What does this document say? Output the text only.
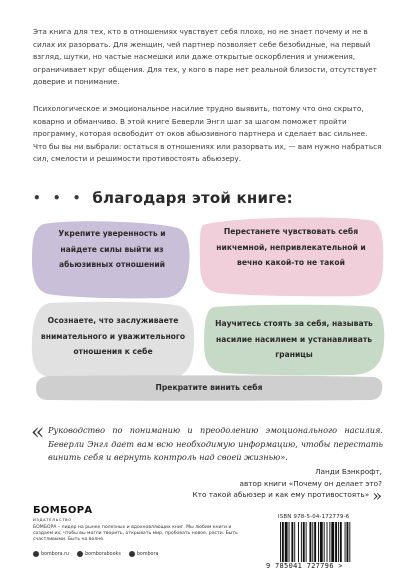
Эта книга для тех, кто в отношениях чувствует себя плохо, но не знает почему и не в силах их разорвать. Для женщин, чей партнер позволяет себе безобидные, на первый взгляд, шутки, но частые насмешки или даже открытые оскорбления и унижения, ограничивает круг общения. Для тех, у кого в паре нет реальной близости, отсутствует доверие и понимание.

Психологическое и эмоциональное насилие трудно выявить, потому что оно скрыто, коварно и обманчиво. В этой книге Беверли Энгл шаг за шагом поможет пройти программу, которая освободит от оков абьюзивного партнера и сделает вас сильнее. Что бы вы ни выбрали: остаться в отношениях или разорвать их, — вам нужно набраться сил, смелости и решимости противостоять абьюзеру.

• • • благодаря этой книге:

Укрепите уверенность и найдете силы выйти из абьюзивных отношений

Перестанете чувствовать себя никчемной, непривлекательной и вечно какой-то не такой

Осознаете, что заслуживаете внимательного и уважительного отношения к себе

Научитесь стоять за себя, называть насилие насилием и устанавливать границы

Прекратите винить себя

« Руководство по пониманию и преодолению эмоционального насилия. Беверли Энгл дает вам всю необходимую информацию, чтобы перестать винить себя и вернуть контроль над своей жизнью».

Ланди Бэнкрофт,
автор книги «Почему он делает это?
Кто такой абьюзер и как ему противостоять» »
БОМБОРА
ИЗДАТЕЛЬСТВО

БОМБОРА – лидер на рынке полезных и вдохновляющих книг. Мы любим книги и создаем их, чтобы вы могли творить, открывать мир, пробовать новое, расти. Быть счастливыми. Быть на волне.

bombora.ru	bomborabooks	bombora
ISBN 978-5-04-172779-6
9 785041 727796 >
